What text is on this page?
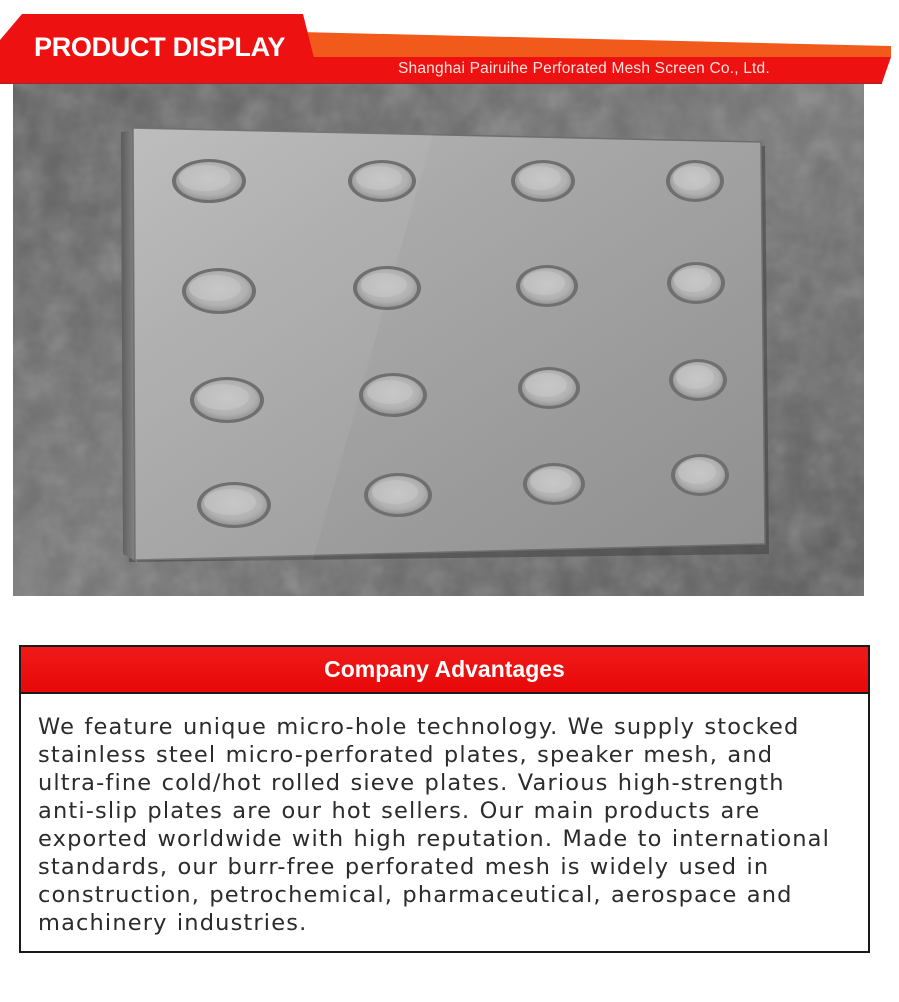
PRODUCT DISPLAY
Shanghai Pairuihe Perforated Mesh Screen Co., Ltd.
Company Advantages
We feature unique micro-hole technology. We supply stocked
stainless steel micro-perforated plates, speaker mesh, and
ultra-fine cold/hot rolled sieve plates. Various high-strength
anti-slip plates are our hot sellers. Our main products are
exported worldwide with high reputation. Made to international
standards, our burr-free perforated mesh is widely used in
construction, petrochemical, pharmaceutical, aerospace and
machinery industries.
